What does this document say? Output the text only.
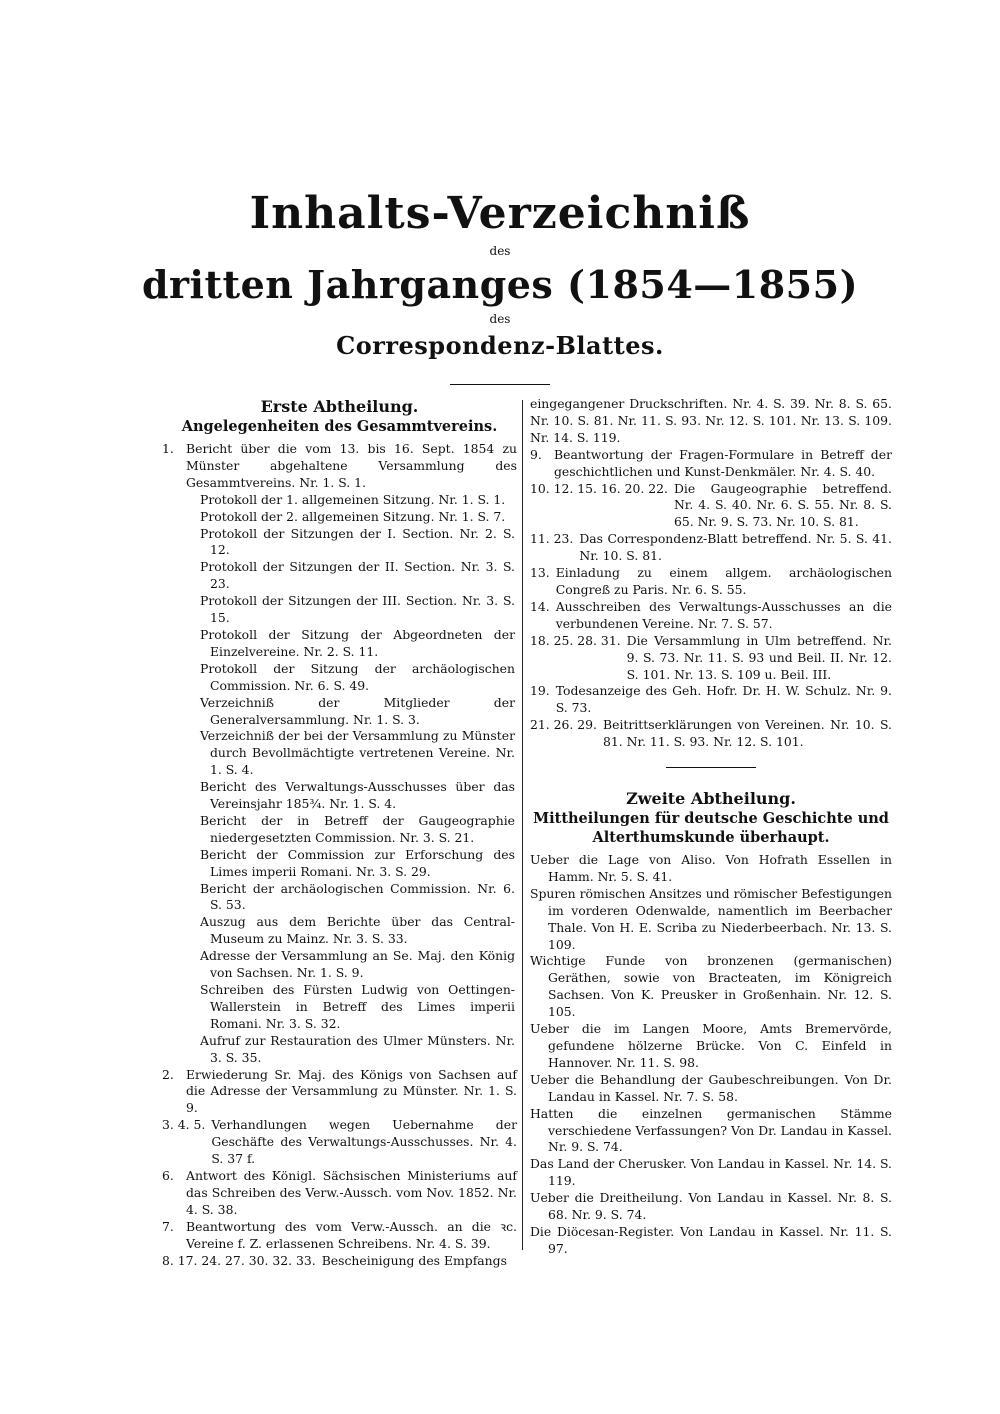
Inhalts-Verzeichniß
des
dritten Jahrganges (1854—1855)
des
Correspondenz-Blattes.
Erste Abtheilung.
Angelegenheiten des Gesammtvereins.
1. Bericht über die vom 13. bis 16. Sept. 1854 zu Münster abgehaltene Versammlung des Gesammtvereins. Nr. 1. S. 1.
Protokoll der 1. allgemeinen Sitzung. Nr. 1. S. 1.
Protokoll der 2. allgemeinen Sitzung. Nr. 1. S. 7.
Protokoll der Sitzungen der I. Section. Nr. 2. S. 12.
Protokoll der Sitzungen der II. Section. Nr. 3. S. 23.
Protokoll der Sitzungen der III. Section. Nr. 3. S. 15.
Protokoll der Sitzung der Abgeordneten der Einzelvereine. Nr. 2. S. 11.
Protokoll der Sitzung der archäologischen Commission. Nr. 6. S. 49.
Verzeichniß der Mitglieder der Generalversammlung. Nr. 1. S. 3.
Verzeichniß der bei der Versammlung zu Münster durch Bevollmächtigte vertretenen Vereine. Nr. 1. S. 4.
Bericht des Verwaltungs-Ausschusses über das Vereinsjahr 185¾. Nr. 1. S. 4.
Bericht der in Betreff der Gaugeographie niedergesetzten Commission. Nr. 3. S. 21.
Bericht der Commission zur Erforschung des Limes imperii Romani. Nr. 3. S. 29.
Bericht der archäologischen Commission. Nr. 6. S. 53.
Auszug aus dem Berichte über das Central-Museum zu Mainz. Nr. 3. S. 33.
Adresse der Versammlung an Se. Maj. den König von Sachsen. Nr. 1. S. 9.
Schreiben des Fürsten Ludwig von Oettingen-Wallerstein in Betreff des Limes imperii Romani. Nr. 3. S. 32.
Aufruf zur Restauration des Ulmer Münsters. Nr. 3. S. 35.
2. Erwiederung Sr. Maj. des Königs von Sachsen auf die Adresse der Versammlung zu Münster. Nr. 1. S. 9.
3. 4. 5. Verhandlungen wegen Uebernahme der Geschäfte des Verwaltungs-Ausschusses. Nr. 4. S. 37 f.
6. Antwort des Königl. Sächsischen Ministeriums auf das Schreiben des Verw.-Aussch. vom Nov. 1852. Nr. 4. S. 38.
7. Beantwortung des vom Verw.-Aussch. an die ꝛc. Vereine f. Z. erlassenen Schreibens. Nr. 4. S. 39.
8. 17. 24. 27. 30. 32. 33. Bescheinigung des Empfangs
eingegangener Druckschriften. Nr. 4. S. 39. Nr. 8. S. 65. Nr. 10. S. 81. Nr. 11. S. 93. Nr. 12. S. 101. Nr. 13. S. 109. Nr. 14. S. 119.
9. Beantwortung der Fragen-Formulare in Betreff der geschichtlichen und Kunst-Denkmäler. Nr. 4. S. 40.
10. 12. 15. 16. 20. 22. Die Gaugeographie betreffend. Nr. 4. S. 40. Nr. 6. S. 55. Nr. 8. S. 65. Nr. 9. S. 73. Nr. 10. S. 81.
11. 23. Das Correspondenz-Blatt betreffend. Nr. 5. S. 41. Nr. 10. S. 81.
13. Einladung zu einem allgem. archäologischen Congreß zu Paris. Nr. 6. S. 55.
14. Ausschreiben des Verwaltungs-Ausschusses an die verbundenen Vereine. Nr. 7. S. 57.
18. 25. 28. 31. Die Versammlung in Ulm betreffend. Nr. 9. S. 73. Nr. 11. S. 93 und Beil. II. Nr. 12. S. 101. Nr. 13. S. 109 u. Beil. III.
19. Todesanzeige des Geh. Hofr. Dr. H. W. Schulz. Nr. 9. S. 73.
21. 26. 29. Beitrittserklärungen von Vereinen. Nr. 10. S. 81. Nr. 11. S. 93. Nr. 12. S. 101.
Zweite Abtheilung.
Mittheilungen für deutsche Geschichte und Alterthumskunde überhaupt.
Ueber die Lage von Aliso. Von Hofrath Essellen in Hamm. Nr. 5. S. 41.
Spuren römischen Ansitzes und römischer Befestigungen im vorderen Odenwalde, namentlich im Beerbacher Thale. Von H. E. Scriba zu Niederbeerbach. Nr. 13. S. 109.
Wichtige Funde von bronzenen (germanischen) Geräthen, sowie von Bracteaten, im Königreich Sachsen. Von K. Preusker in Großenhain. Nr. 12. S. 105.
Ueber die im Langen Moore, Amts Bremervörde, gefundene hölzerne Brücke. Von C. Einfeld in Hannover. Nr. 11. S. 98.
Ueber die Behandlung der Gaubeschreibungen. Von Dr. Landau in Kassel. Nr. 7. S. 58.
Hatten die einzelnen germanischen Stämme verschiedene Verfassungen? Von Dr. Landau in Kassel. Nr. 9. S. 74.
Das Land der Cherusker. Von Landau in Kassel. Nr. 14. S. 119.
Ueber die Dreitheilung. Von Landau in Kassel. Nr. 8. S. 68. Nr. 9. S. 74.
Die Diöcesan-Register. Von Landau in Kassel. Nr. 11. S. 97.
